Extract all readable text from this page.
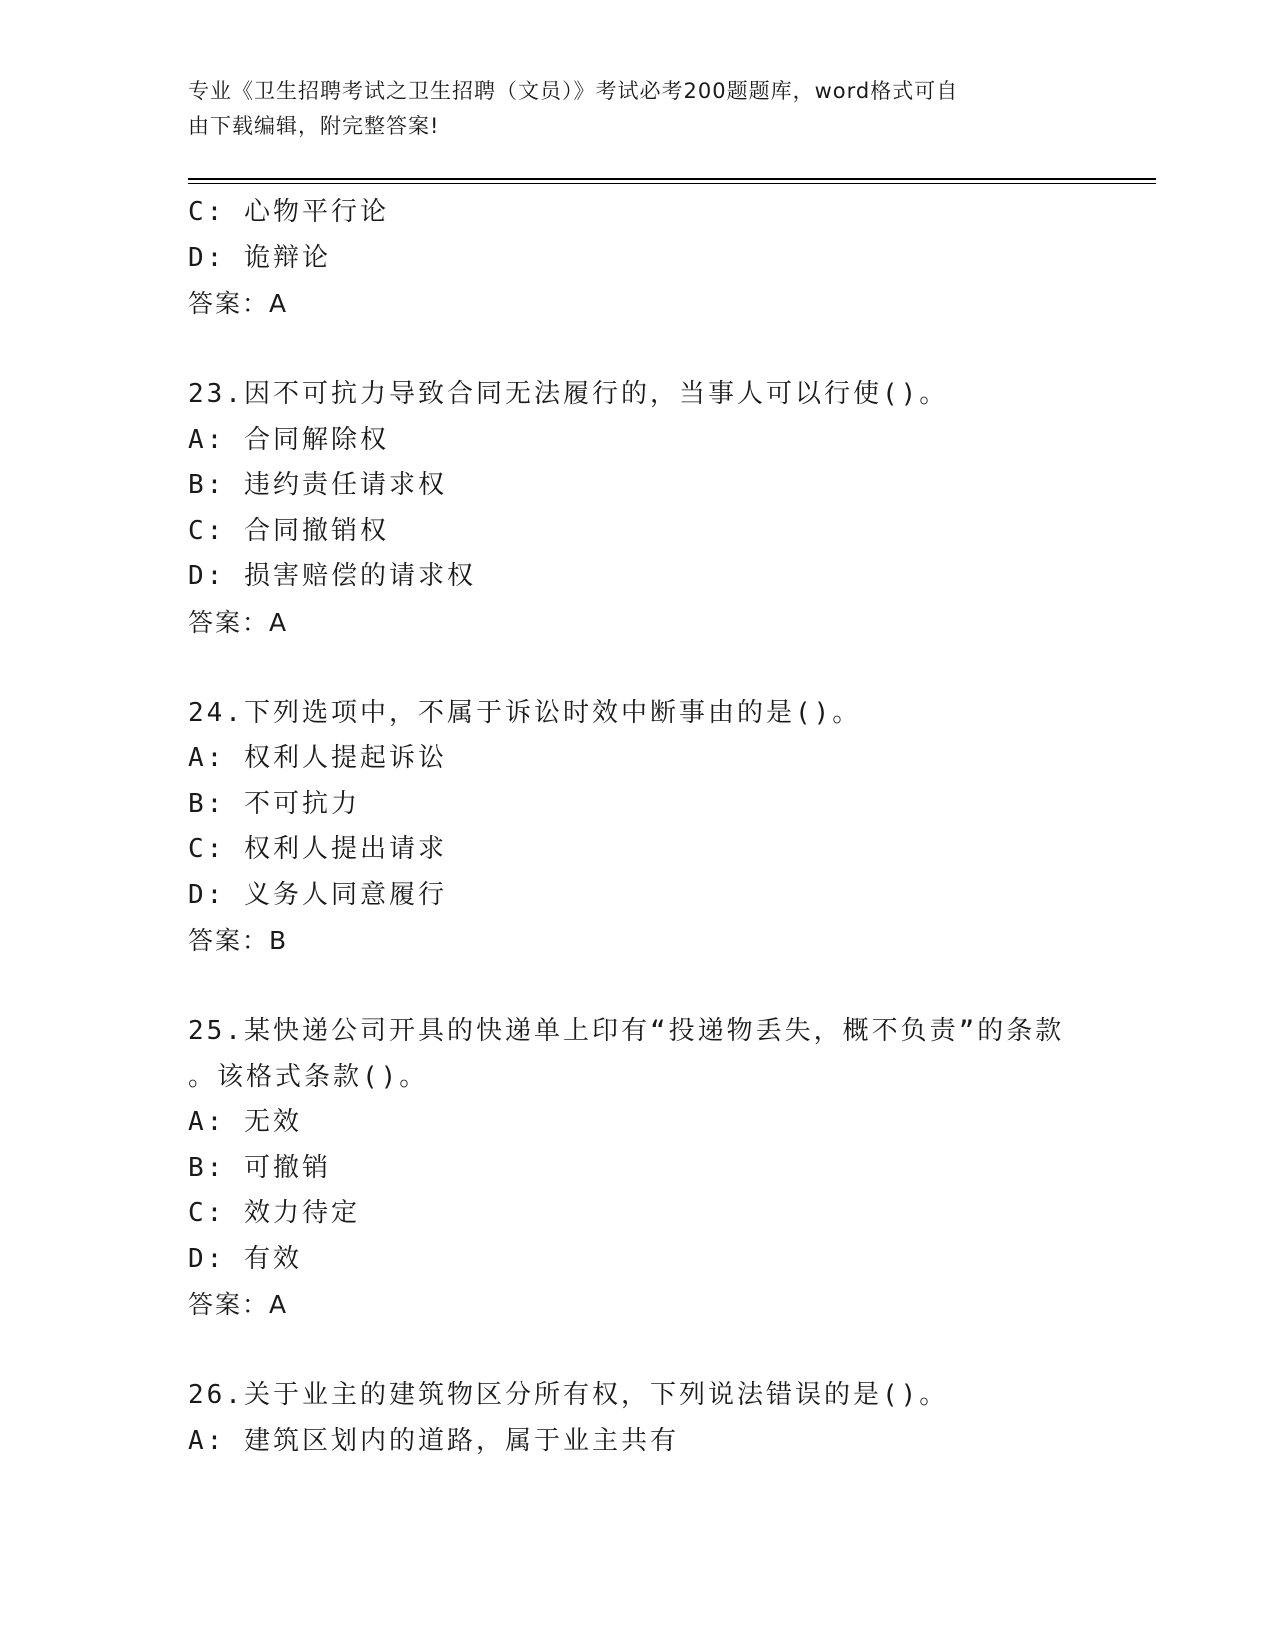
专业《卫生招聘考试之卫生招聘（文员）》考试必考200题题库，word格式可自
由下载编辑，附完整答案!
C: 心物平行论
D: 诡辩论
答案：A
23.因不可抗力导致合同无法履行的，当事人可以行使()。
A: 合同解除权
B: 违约责任请求权
C: 合同撤销权
D: 损害赔偿的请求权
答案：A
24.下列选项中，不属于诉讼时效中断事由的是()。
A: 权利人提起诉讼
B: 不可抗力
C: 权利人提出请求
D: 义务人同意履行
答案：B
25.某快递公司开具的快递单上印有“投递物丢失，概不负责”的条款
。该格式条款()。
A: 无效
B: 可撤销
C: 效力待定
D: 有效
答案：A
26.关于业主的建筑物区分所有权，下列说法错误的是()。
A: 建筑区划内的道路，属于业主共有
